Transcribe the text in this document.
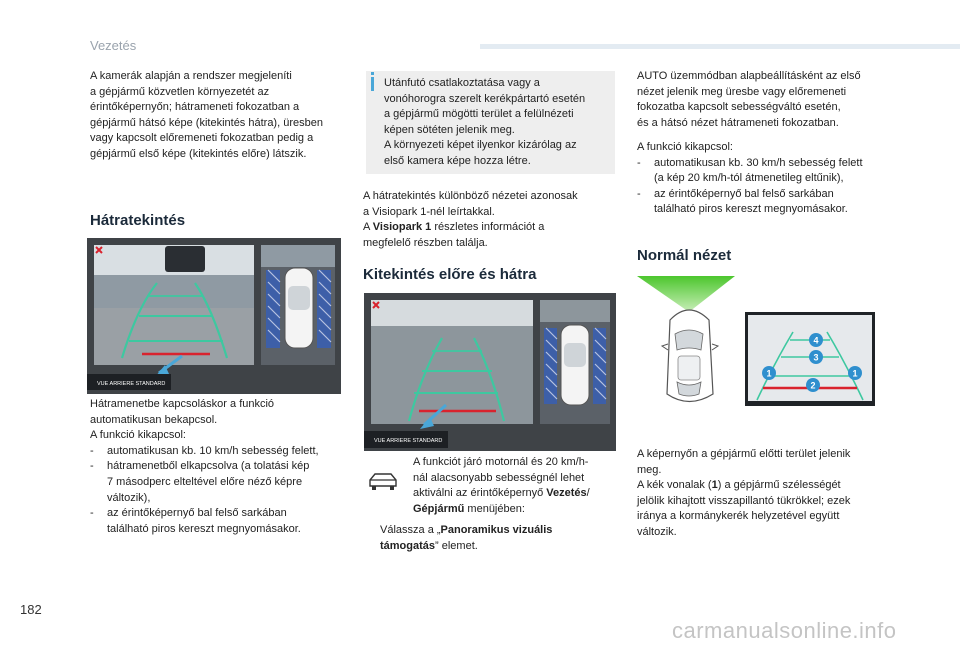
Vezetés

A kamerák alapján a rendszer megjeleníti

a gépjármű közvetlen környezetét az

érintőképernyőn; hátrameneti fokozatban a

gépjármű hátsó képe (kitekintés hátra), üresben

vagy kapcsolt előremeneti fokozatban pedig a

gépjármű első képe (kitekintés előre) látszik.

Hátratekintés
VUE ARRIERE STANDARD

Hátramenetbe kapcsoláskor a funkció

automatikusan bekapcsol.

A funkció kikapcsol:

- automatikusan kb. 10 km/h sebesség felett,
- hátramenetből elkapcsolva (a tolatási kép
7 másodperc elteltével előre néző képre
változik),
- az érintőképernyő bal felső sarkában
található piros kereszt megnyomásakor.

Utánfutó csatlakoztatása vagy a
vonóhorogra szerelt kerékpártartó esetén
a gépjármű mögötti terület a felülnézeti
képen sötéten jelenik meg.
A környezeti képet ilyenkor kizárólag az
első kamera képe hozza létre.

A hátratekintés különböző nézetei azonosak

a Visiopark 1-nél leírtakkal.

A Visiopark 1 részletes információt a

megfelelő részben találja.

Kitekintés előre és hátra
VUE ARRIERE STANDARD

A funkciót járó motornál és 20 km/h-

nál alacsonyabb sebességnél lehet

aktiválni az érintőképernyő Vezetés/

Gépjármű menüjében:

Válassza a „Panoramikus vizuális

támogatás” elemet.

AUTO üzemmódban alapbeállításként az első

nézet jelenik meg üresbe vagy előremeneti

fokozatba kapcsolt sebességváltó esetén,

és a hátsó nézet hátrameneti fokozatban.

A funkció kikapcsol:

- automatikusan kb. 30 km/h sebesség felett
(a kép 20 km/h-tól átmenetileg eltűnik),
- az érintőképernyő bal felső sarkában
található piros kereszt megnyomásakor.
Normál nézet
4
3
1
2
1

A képernyőn a gépjármű előtti terület jelenik

meg.

A kék vonalak (1) a gépjármű szélességét

jelölik kihajtott visszapillantó tükrökkel; ezek

iránya a kormánykerék helyzetével együtt

változik.

182
carmanualsonline.info
